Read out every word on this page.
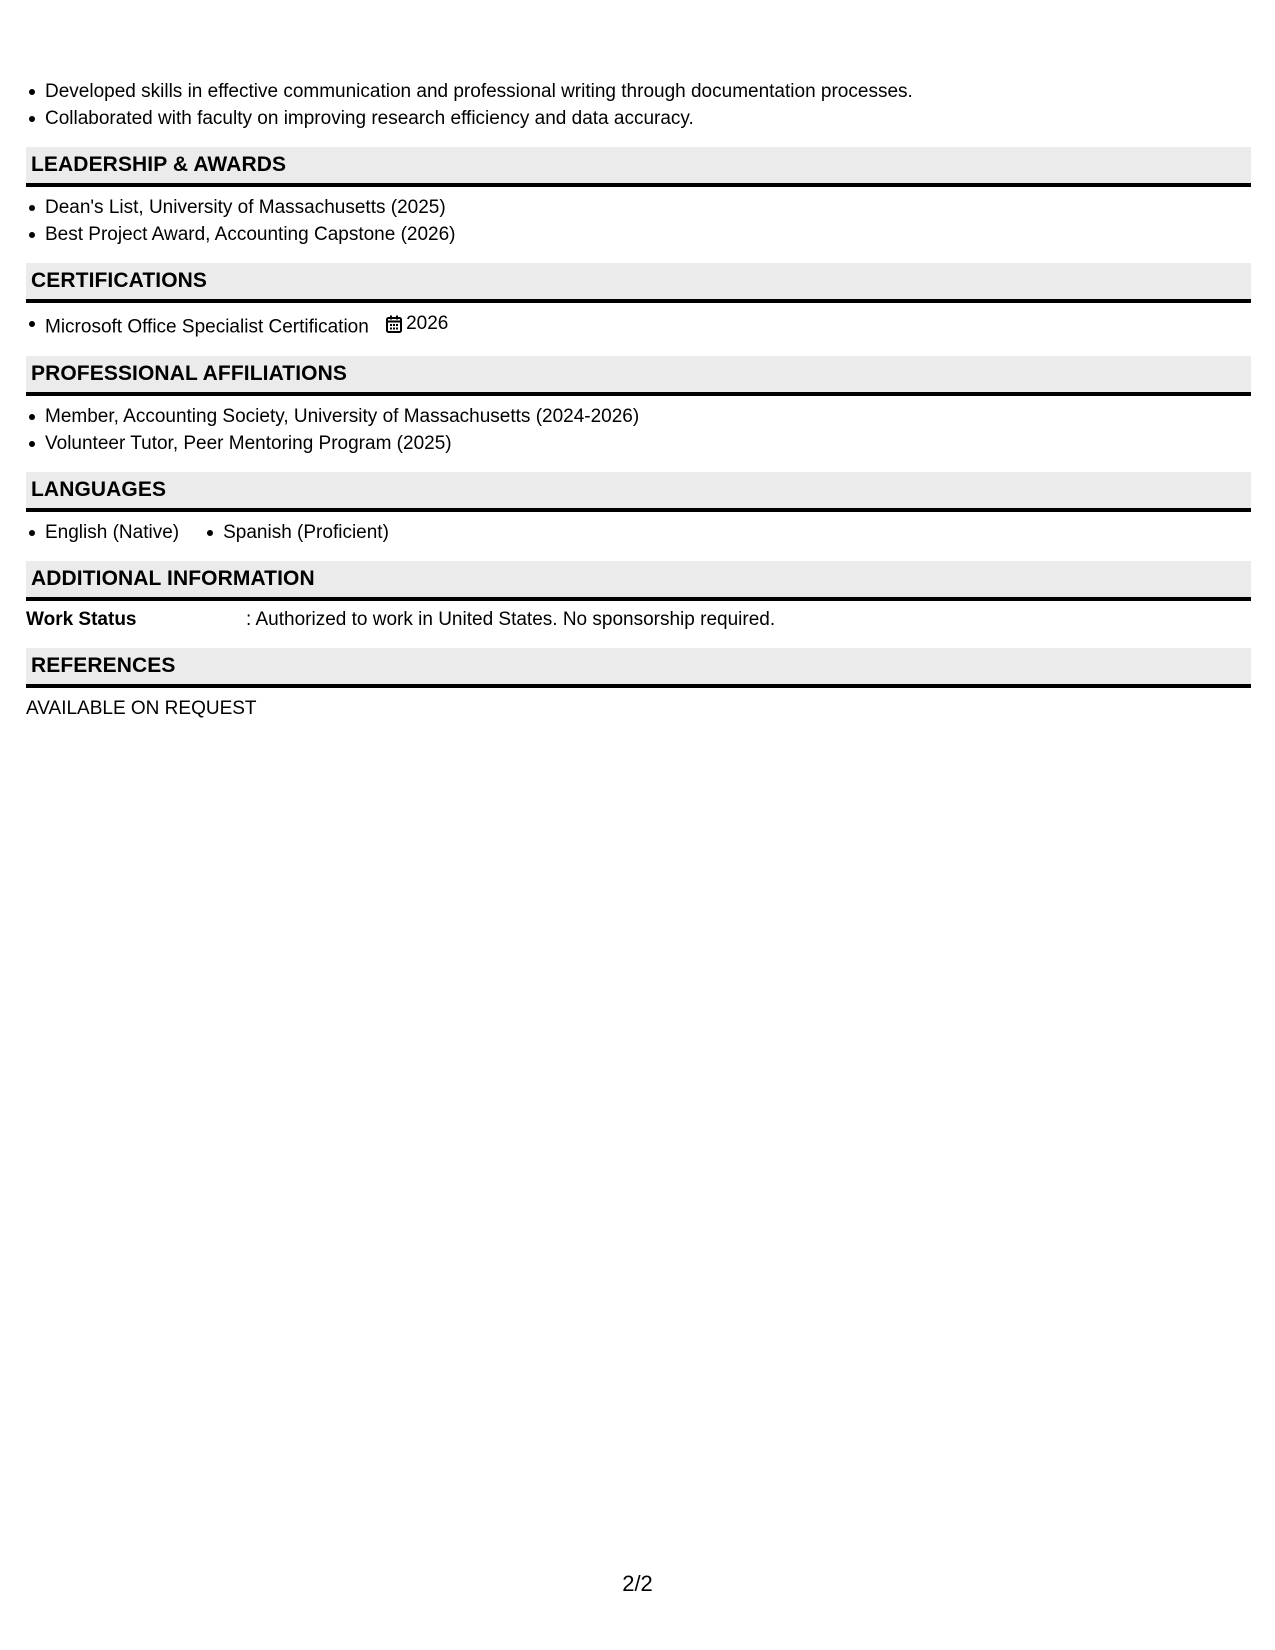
Developed skills in effective communication and professional writing through documentation processes.
Collaborated with faculty on improving research efficiency and data accuracy.
LEADERSHIP & AWARDS
Dean's List, University of Massachusetts (2025)
Best Project Award, Accounting Capstone (2026)
CERTIFICATIONS
Microsoft Office Specialist Certification 2026
PROFESSIONAL AFFILIATIONS
Member, Accounting Society, University of Massachusetts (2024-2026)
Volunteer Tutor, Peer Mentoring Program (2025)
LANGUAGES
English (Native) Spanish (Proficient)
ADDITIONAL INFORMATION
Work Status	: Authorized to work in United States. No sponsorship required.
REFERENCES
AVAILABLE ON REQUEST
2/2
